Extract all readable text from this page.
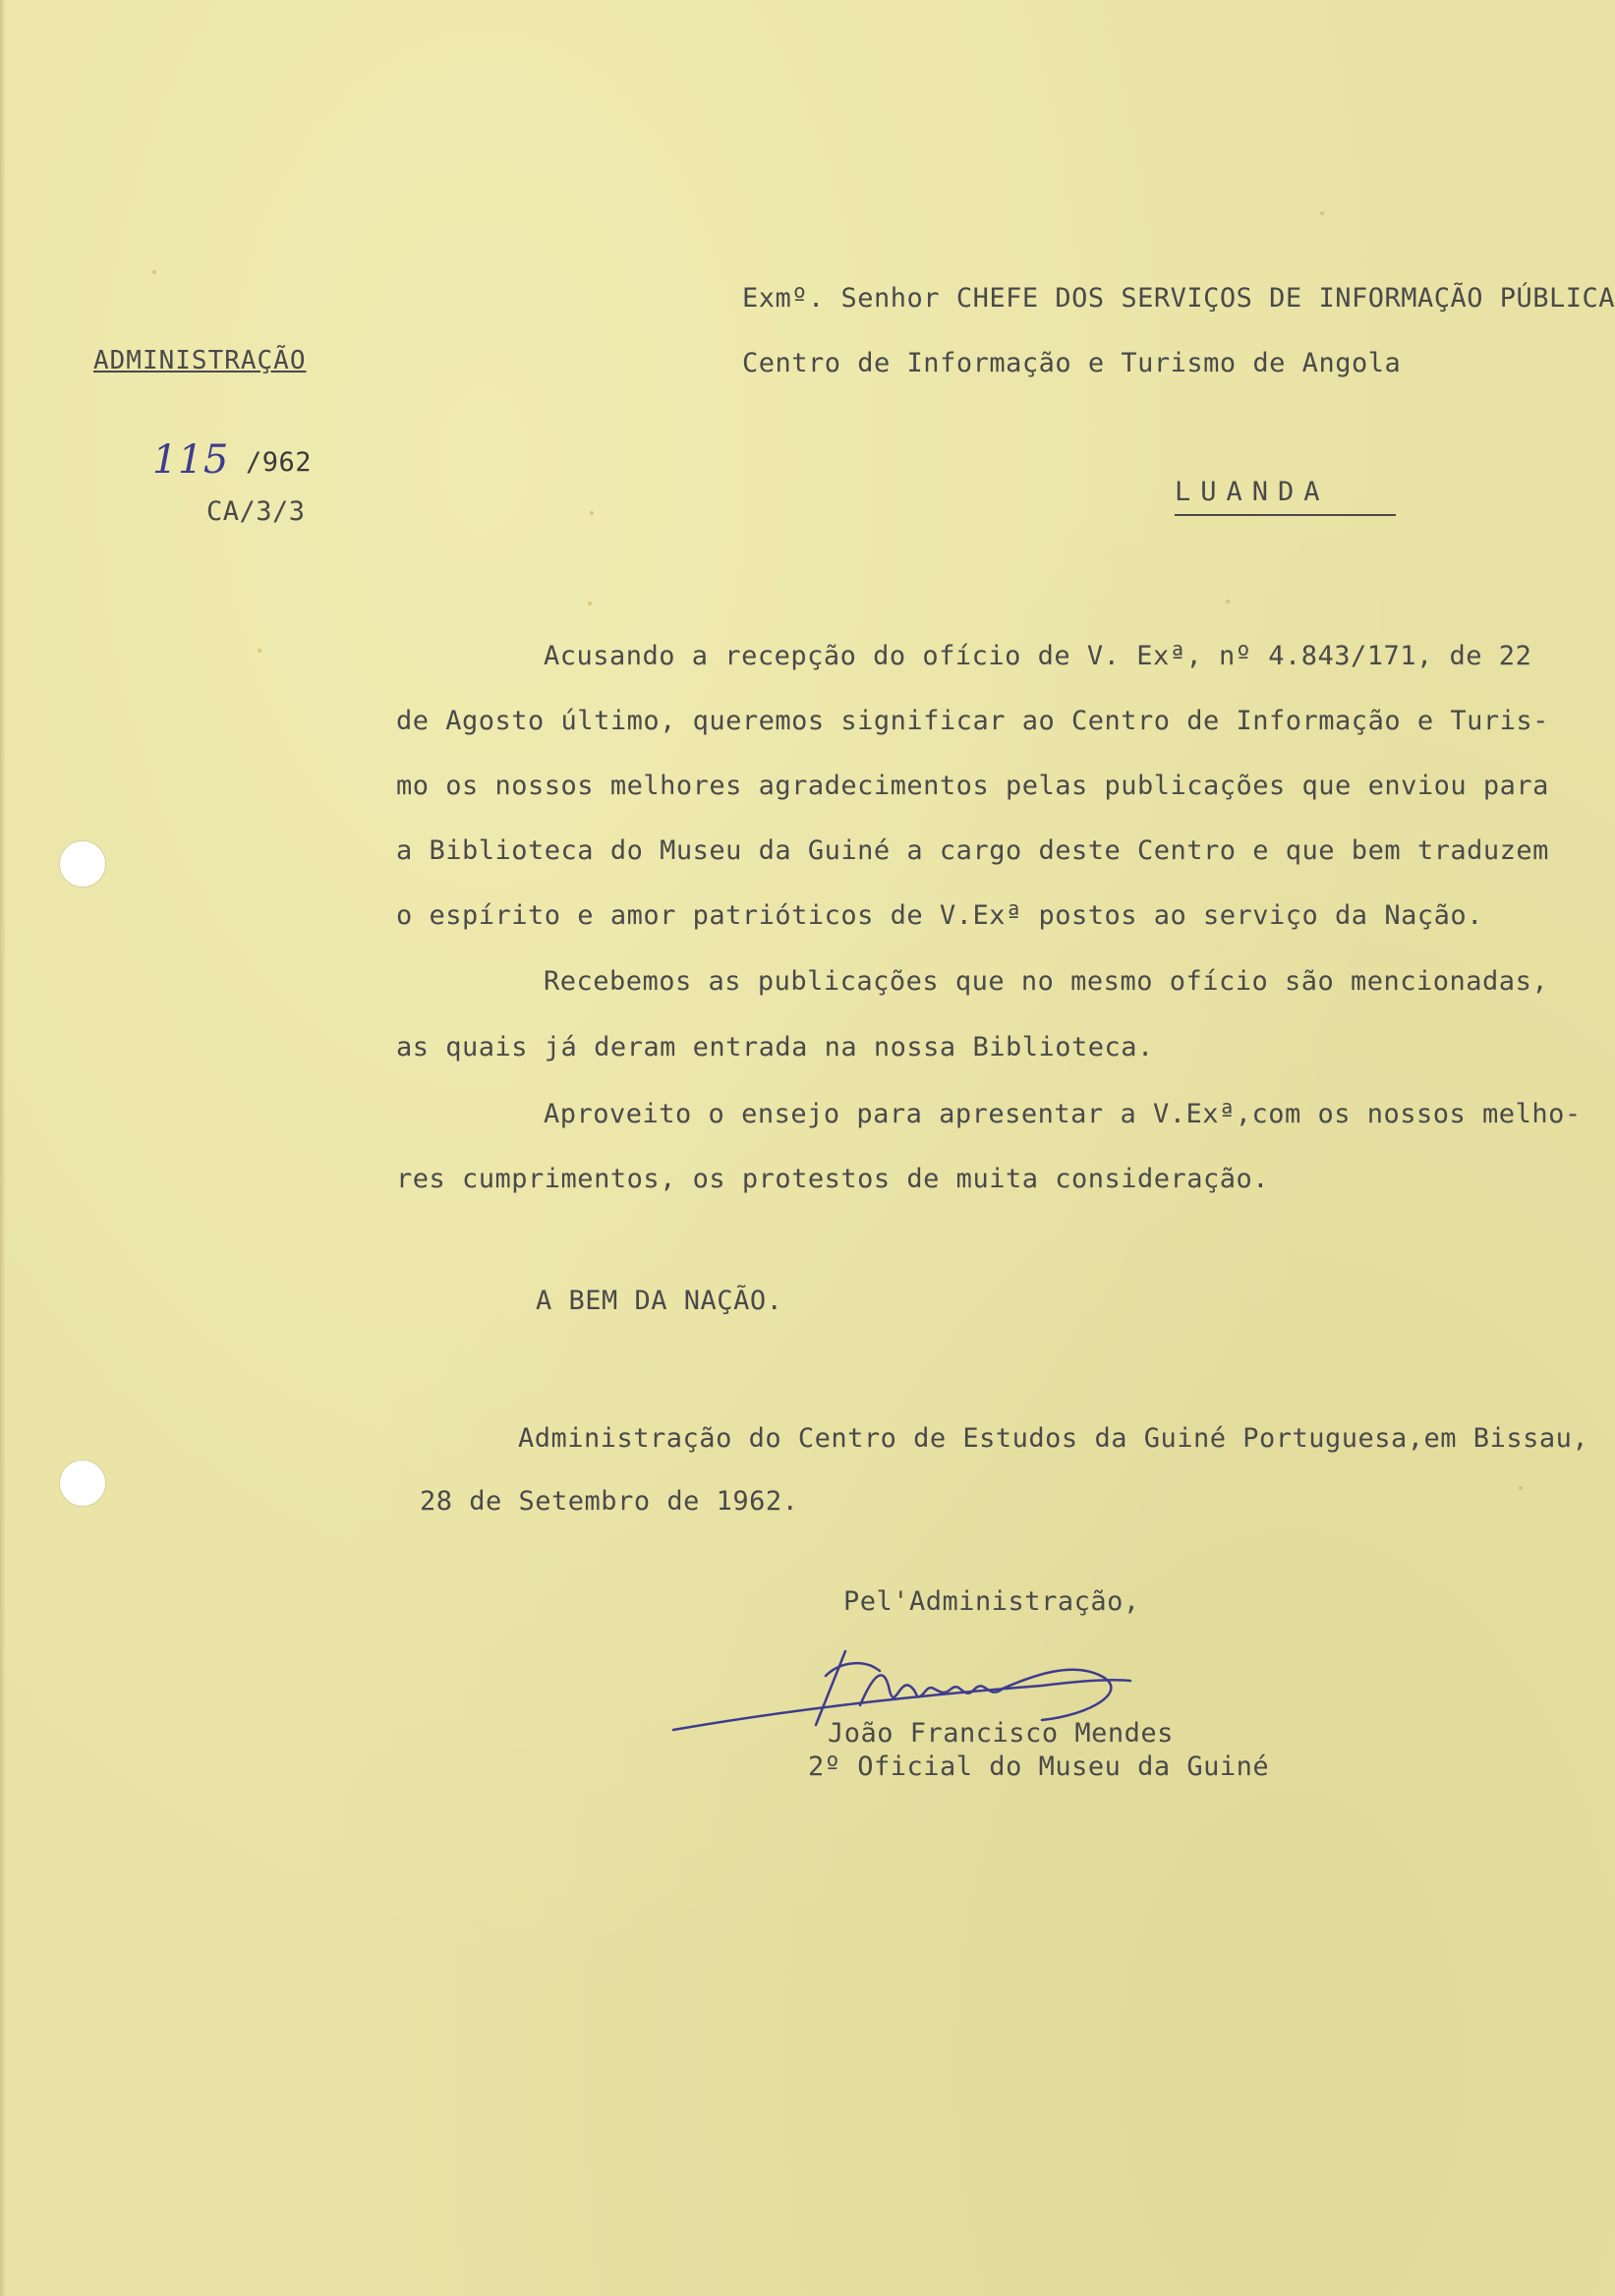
ADMINISTRAÇÃO
115 /962
CA/3/3
Exmº. Senhor CHEFE DOS SERVIÇOS DE INFORMAÇÃO PÚBLICA
Centro de Informação e Turismo de Angola
LUANDA
Acusando a recepção do ofício de V. Exª, nº 4.843/171, de 22
de Agosto último, queremos significar ao Centro de Informação e Turis-
mo os nossos melhores agradecimentos pelas publicações que enviou para
a Biblioteca do Museu da Guiné a cargo deste Centro e que bem traduzem
o espírito e amor patrióticos de V.Exª postos ao serviço da Nação.
Recebemos as publicações que no mesmo ofício são mencionadas,
as quais já deram entrada na nossa Biblioteca.
Aproveito o ensejo para apresentar a V.Exª,com os nossos melho-
res cumprimentos, os protestos de muita consideração.
A BEM DA NAÇÃO.
Administração do Centro de Estudos da Guiné Portuguesa,em Bissau,
28 de Setembro de 1962.
Pel'Administração,
João Francisco Mendes
2º Oficial do Museu da Guiné
